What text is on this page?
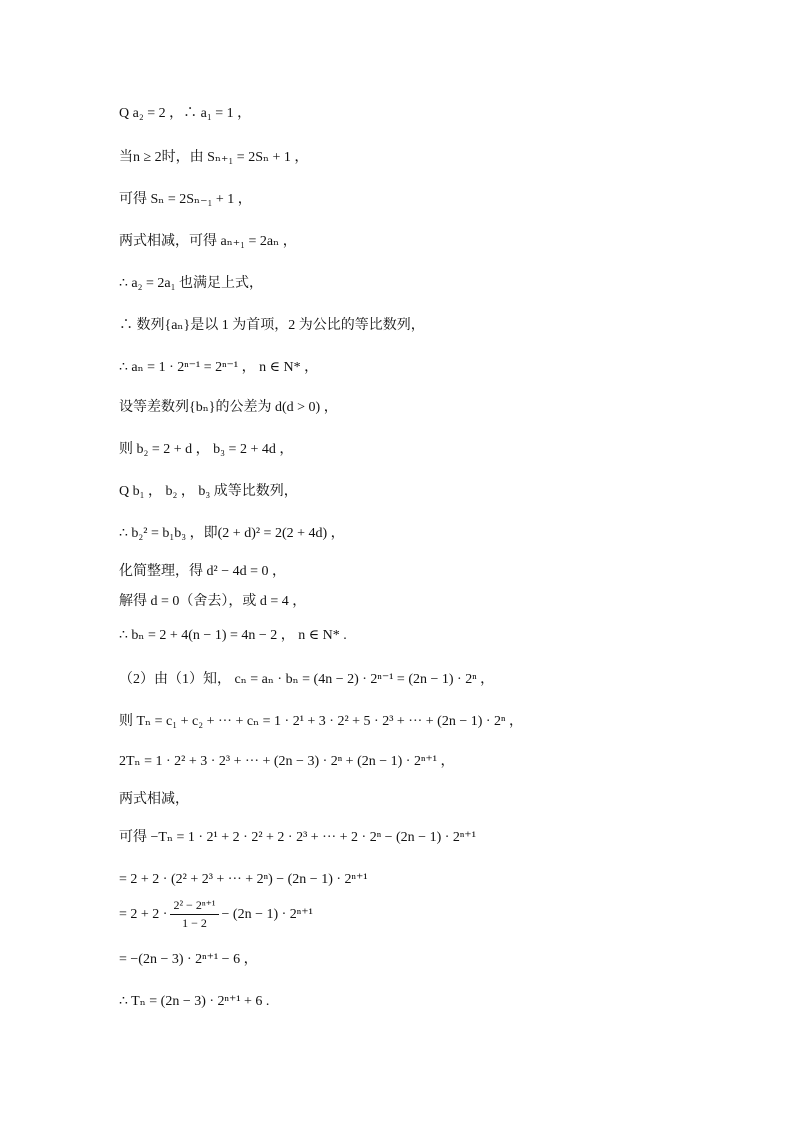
Q a₂ = 2 ，∴ a₁ = 1 ，
当n ≥ 2时，由 Sₙ₊₁ = 2Sₙ + 1 ，
可得 Sₙ = 2Sₙ₋₁ + 1 ，
两式相减，可得 aₙ₊₁ = 2aₙ ，
∴ a₂ = 2a₁ 也满足上式，
∴ 数列{aₙ}是以 1 为首项，2 为公比的等比数列，
∴ aₙ = 1 · 2ⁿ⁻¹ = 2ⁿ⁻¹ ， n ∈ N* ，
设等差数列{bₙ}的公差为 d(d > 0) ，
则 b₂ = 2 + d ， b₃ = 2 + 4d ，
Q b₁ ， b₂ ， b₃ 成等比数列，
∴ b₂² = b₁b₃ ，即(2 + d)² = 2(2 + 4d) ，
化简整理，得 d² − 4d = 0 ，
解得 d = 0（舍去），或 d = 4 ，
∴ bₙ = 2 + 4(n − 1) = 4n − 2 ， n ∈ N* .
（2）由（1）知， cₙ = aₙ · bₙ = (4n − 2) · 2ⁿ⁻¹ = (2n − 1) · 2ⁿ ，
则 Tₙ = c₁ + c₂ + ··· + cₙ = 1 · 2¹ + 3 · 2² + 5 · 2³ + ··· + (2n − 1) · 2ⁿ ，
2Tₙ = 1 · 2² + 3 · 2³ + ··· + (2n − 3) · 2ⁿ + (2n − 1) · 2ⁿ⁺¹ ，
两式相减，
可得 −Tₙ = 1 · 2¹ + 2 · 2² + 2 · 2³ + ··· + 2 · 2ⁿ − (2n − 1) · 2ⁿ⁺¹
= 2 + 2 · (2² + 2³ + ··· + 2ⁿ) − (2n − 1) · 2ⁿ⁺¹
= $2 + 2 \cdot \frac{\text{2² − 2ⁿ⁺¹}}{1 - 2} - (2n - 1) \cdot 2^{n+1}$
= −(2n − 3) · 2ⁿ⁺¹ − 6 ，
∴ Tₙ = (2n − 3) · 2ⁿ⁺¹ + 6 .
